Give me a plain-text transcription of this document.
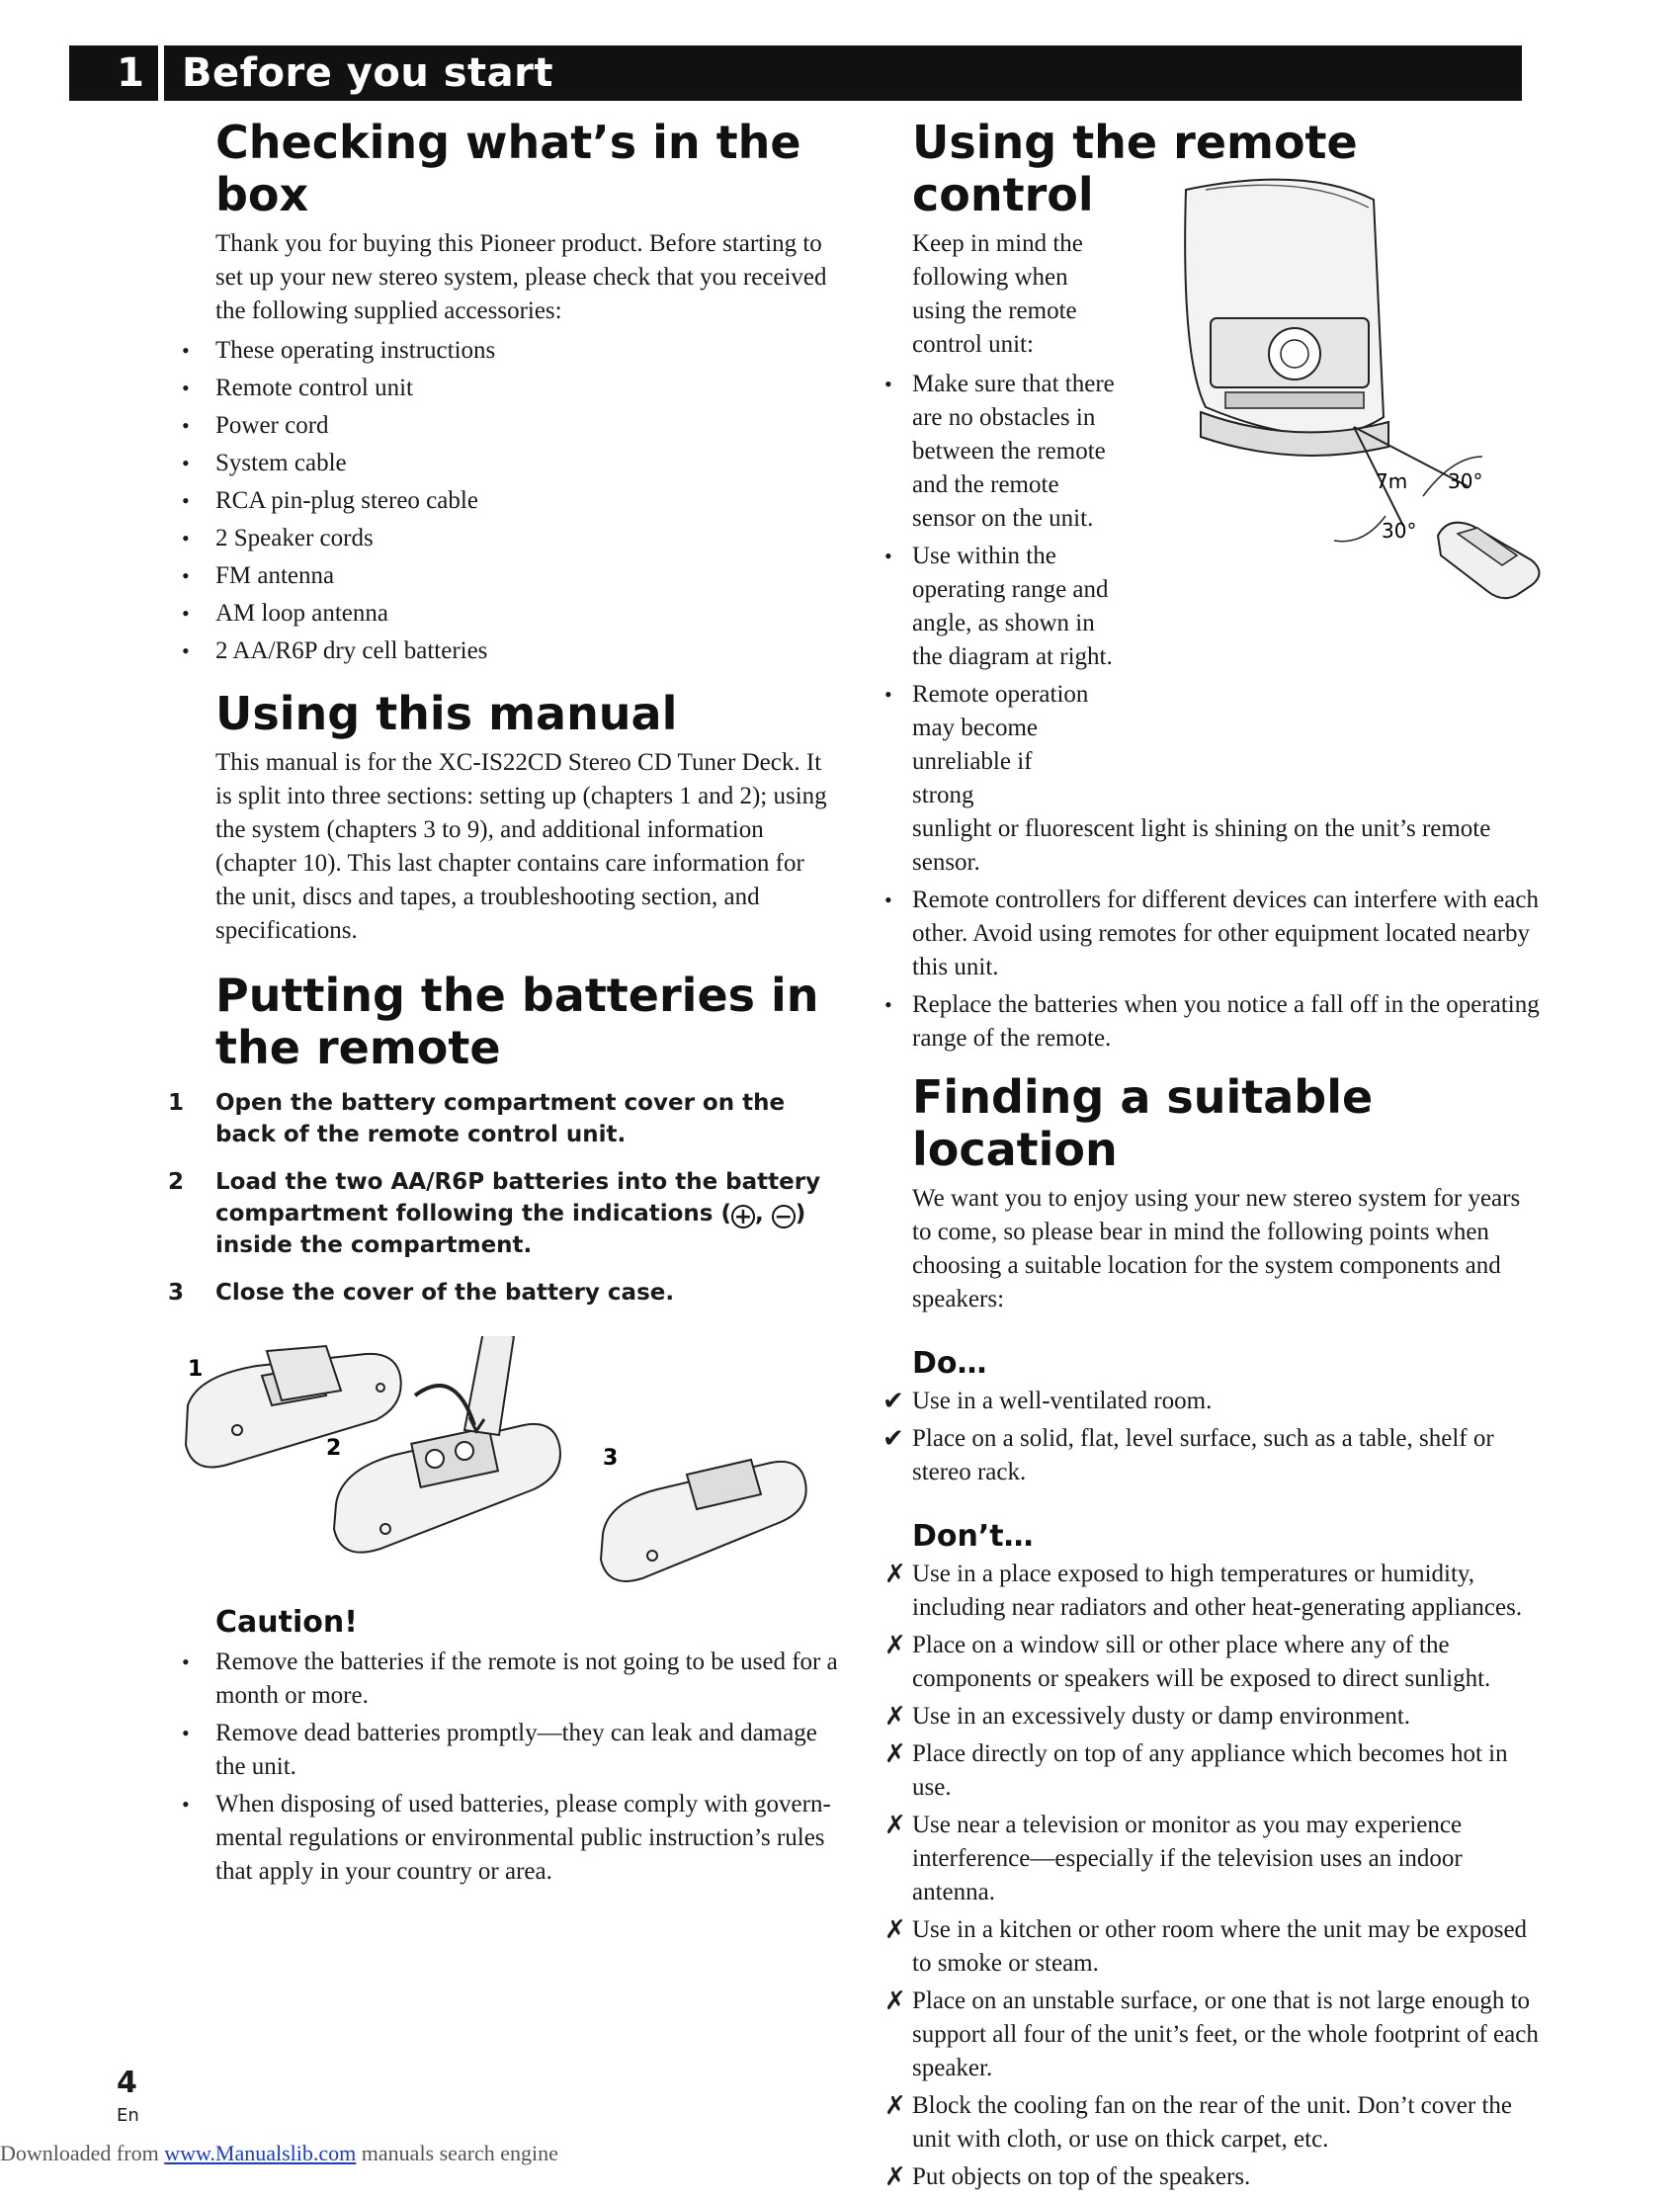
1 Before you start
Checking what’s in the box

Thank you for buying this Pioneer product. Before starting to set up your new stereo system, please check that you received the following supplied accessories:

• These operating instructions
• Remote control unit
• Power cord
• System cable
• RCA pin-plug stereo cable
• 2 Speaker cords
• FM antenna
• AM loop antenna
• 2 AA/R6P dry cell batteries
Using this manual

This manual is for the XC-IS22CD Stereo CD Tuner Deck. It is split into three sections: setting up (chapters 1 and 2); using the system (chapters 3 to 9), and additional information (chapter 10). This last chapter contains care information for the unit, discs and tapes, a troubleshooting section, and specifications.

Putting the batteries in the remote
1 Open the battery compartment cover on the back of the remote control unit.
2 Load the two AA/R6P batteries into the battery compartment following the indications ( + , − ) inside the compartment.
3 Close the cover of the battery case.
1
2	3
Caution!
• Remove the batteries if the remote is not going to be used for a month or more.
• Remove dead batteries promptly—they can leak and damage the unit.
• When disposing of used batteries, please comply with govern-mental regulations or environmental public instruction’s rules that apply in your country or area.
Using the remote control
7m 30°
30°

Keep in mind the following when using the remote control unit:

• Make sure that there are no obstacles in between the remote and the remote sensor on the unit.
• Use within the operating range and angle, as shown in the diagram at right.
• Remote operation may become unreliable if strong
sunlight or fluorescent light is shining on the unit’s remote sensor.
• Remote controllers for different devices can interfere with each other. Avoid using remotes for other equipment located nearby this unit.
• Replace the batteries when you notice a fall off in the operating range of the remote.
Finding a suitable location

We want you to enjoy using your new stereo system for years to come, so please bear in mind the following points when choosing a suitable location for the system components and speakers:

Do…
✔ Use in a well-ventilated room.
✔ Place on a solid, flat, level surface, such as a table, shelf or stereo rack.
Don’t…
✗ Use in a place exposed to high temperatures or humidity, including near radiators and other heat-generating appliances.
✗ Place on a window sill or other place where any of the components or speakers will be exposed to direct sunlight.
✗ Use in an excessively dusty or damp environment.
✗ Place directly on top of any appliance which becomes hot in use.
✗ Use near a television or monitor as you may experience interference—especially if the television uses an indoor antenna.
✗ Use in a kitchen or other room where the unit may be exposed to smoke or steam.
✗ Place on an unstable surface, or one that is not large enough to support all four of the unit’s feet, or the whole footprint of each speaker.
✗ Block the cooling fan on the rear of the unit. Don’t cover the unit with cloth, or use on thick carpet, etc.
✗ Put objects on top of the speakers.
4
En
Downloaded from www.Manualslib.com manuals search engine
